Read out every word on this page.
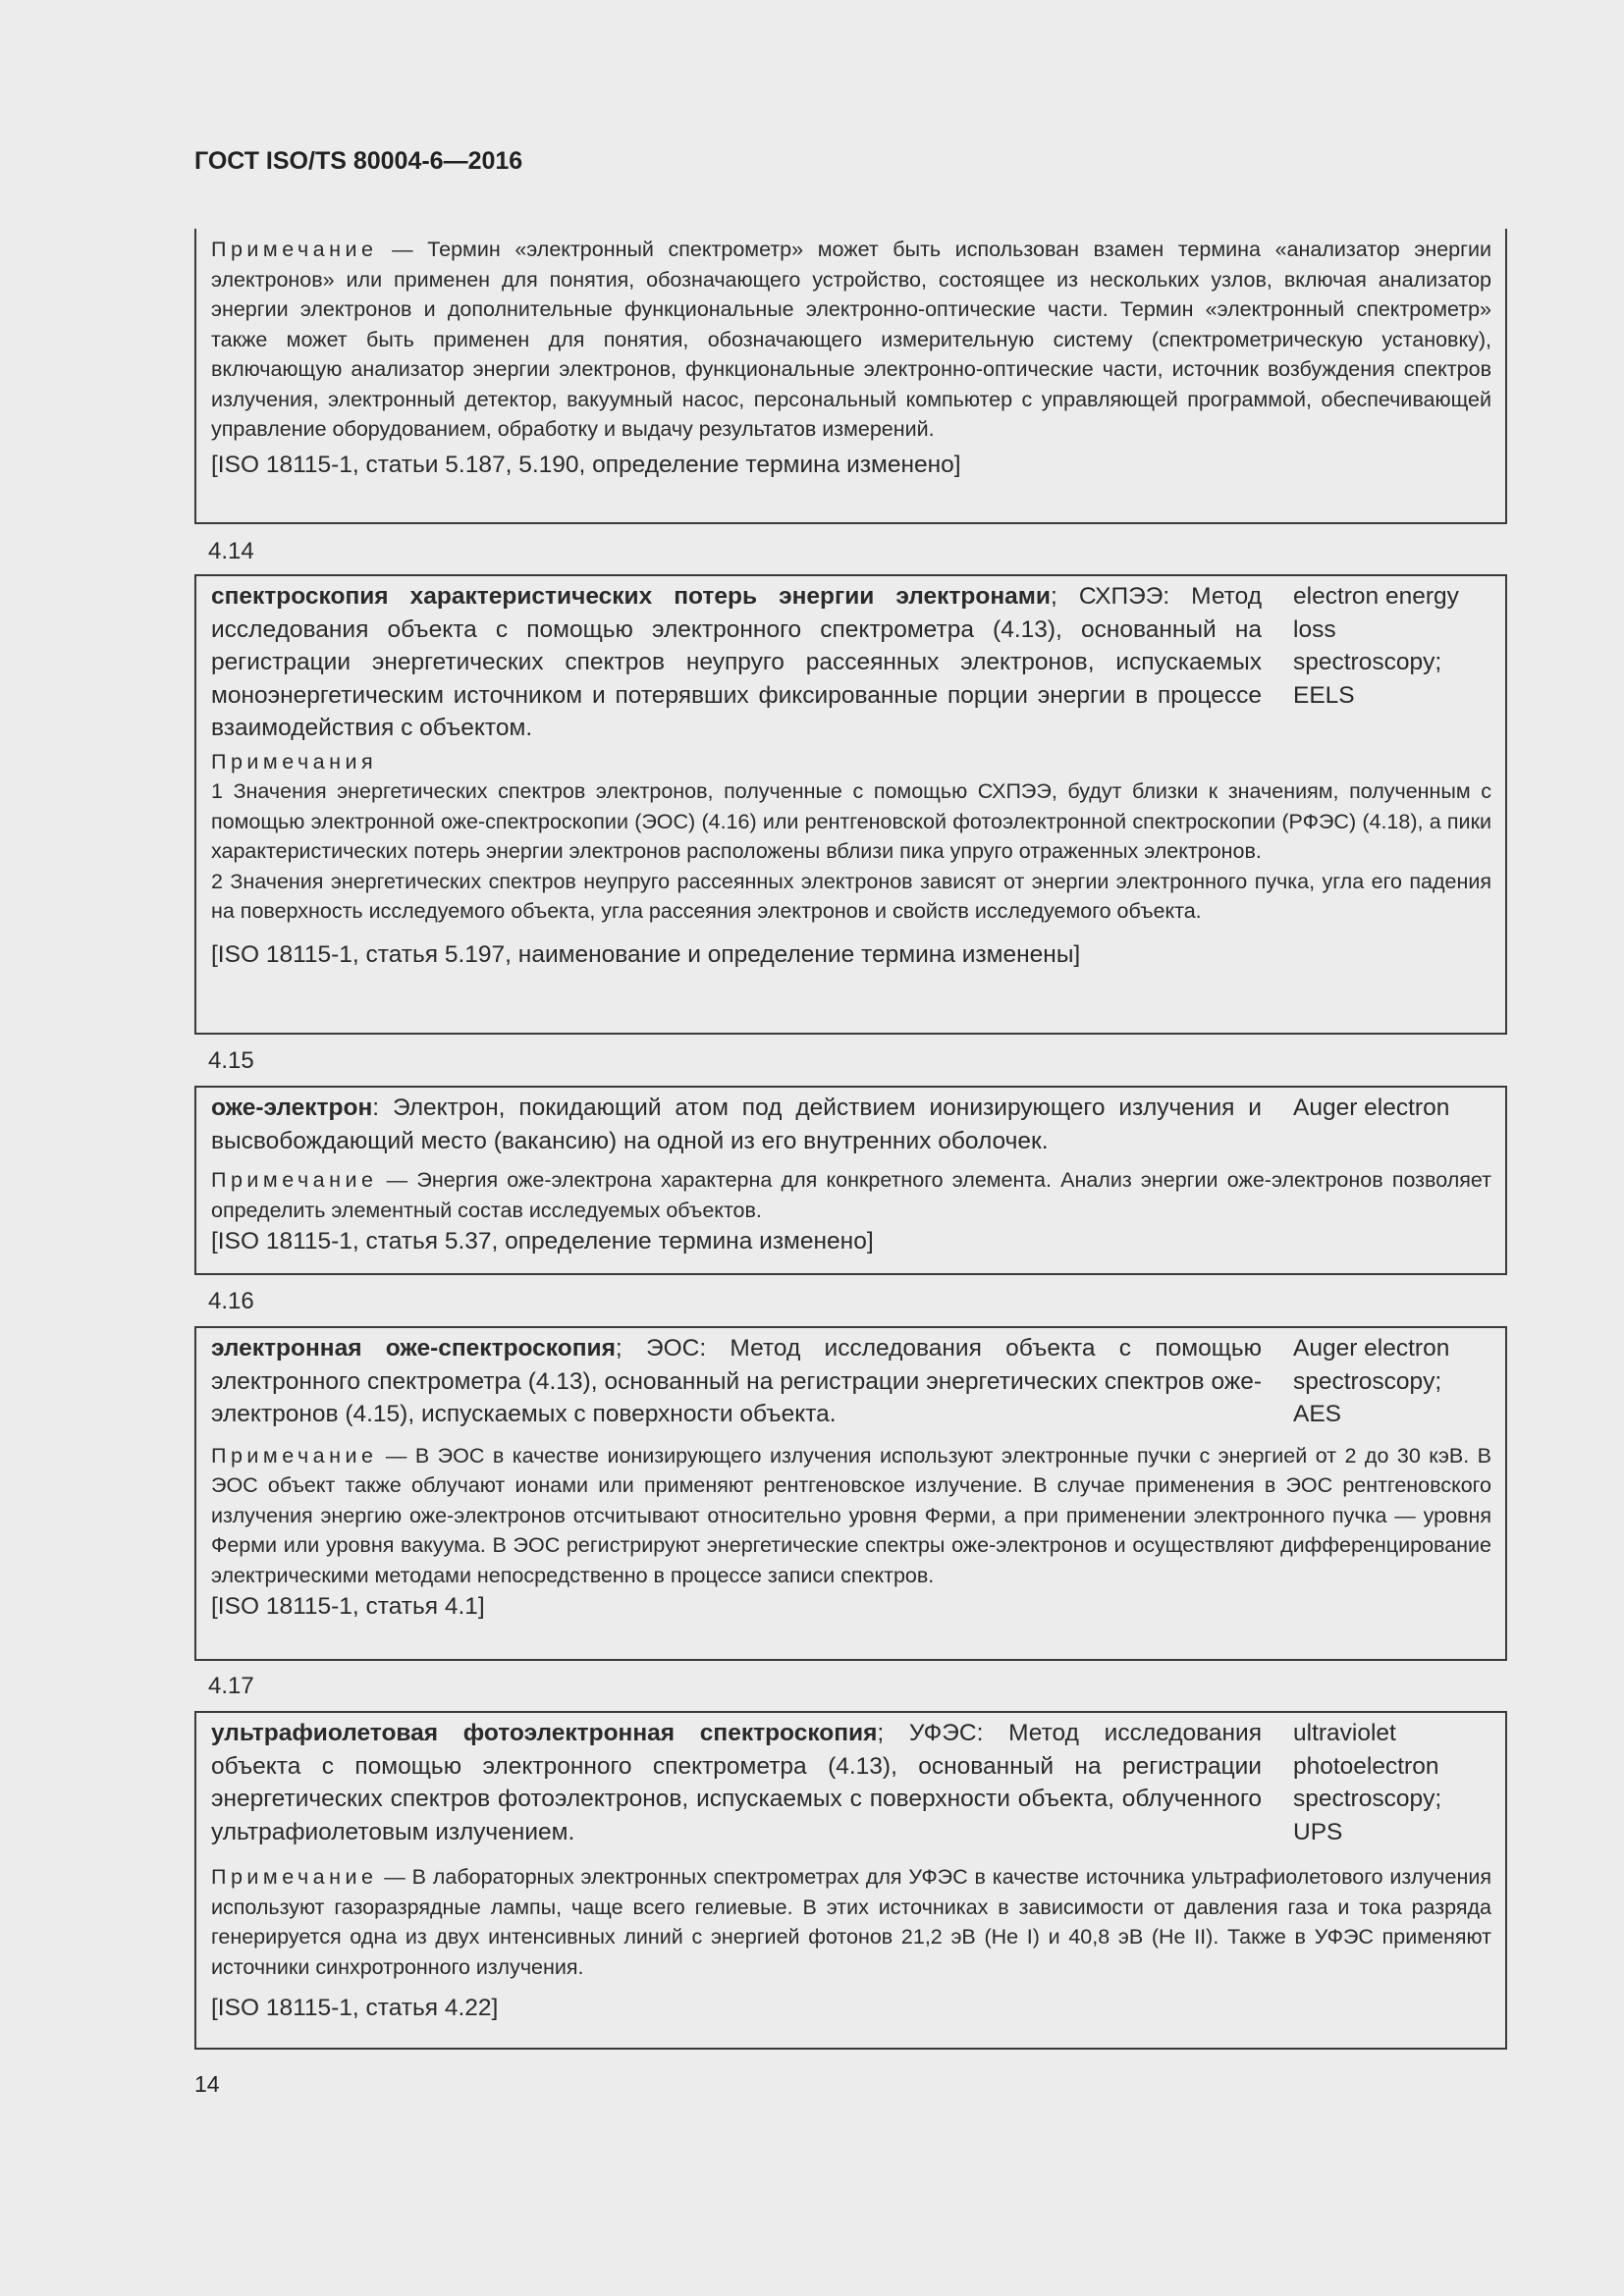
ГОСТ ISO/TS 80004-6—2016
Примечание — Термин «электронный спектрометр» может быть использован взамен термина «анализатор энергии электронов» или применен для понятия, обозначающего устройство, состоящее из нескольких узлов, включая анализатор энергии электронов и дополнительные функциональные электронно-оптические части. Термин «электронный спектрометр» также может быть применен для понятия, обозначающего измерительную систему (спектрометрическую установку), включающую анализатор энергии электронов, функциональные электронно-оптические части, источник возбуждения спектров излучения, электронный детектор, вакуумный насос, персональный компьютер с управляющей программой, обеспечивающей управление оборудованием, обработку и выдачу результатов измерений.
[ISO 18115-1, статьи 5.187, 5.190, определение термина изменено]
4.14
спектроскопия характеристических потерь энергии электронами; СХПЭЭ: Метод исследования объекта с помощью электронного спектрометра (4.13), основанный на регистрации энергетических спектров неупруго рассеянных электронов, испускаемых моноэнергетическим источником и потерявших фиксированные порции энергии в процессе взаимодействия с объектом.
electron energy
loss
spectroscopy;
EELS
Примечания
1 Значения энергетических спектров электронов, полученные с помощью СХПЭЭ, будут близки к значениям, полученным с помощью электронной оже-спектроскопии (ЭОС) (4.16) или рентгеновской фотоэлектронной спектроскопии (РФЭС) (4.18), а пики характеристических потерь энергии электронов расположены вблизи пика упруго отраженных электронов.
2 Значения энергетических спектров неупруго рассеянных электронов зависят от энергии электронного пучка, угла его падения на поверхность исследуемого объекта, угла рассеяния электронов и свойств исследуемого объекта.
[ISO 18115-1, статья 5.197, наименование и определение термина изменены]
4.15
оже-электрон: Электрон, покидающий атом под действием ионизирующего излучения и высвобождающий место (вакансию) на одной из его внутренних оболочек.
Auger electron
Примечание — Энергия оже-электрона характерна для конкретного элемента. Анализ энергии оже-электронов позволяет определить элементный состав исследуемых объектов.
[ISO 18115-1, статья 5.37, определение термина изменено]
4.16
электронная оже-спектроскопия; ЭОС: Метод исследования объекта с помощью электронного спектрометра (4.13), основанный на регистрации энергетических спектров оже-электронов (4.15), испускаемых с поверхности объекта.
Auger electron
spectroscopy;
AES
Примечание — В ЭОС в качестве ионизирующего излучения используют электронные пучки с энергией от 2 до 30 кэВ. В ЭОС объект также облучают ионами или применяют рентгеновское излучение. В случае применения в ЭОС рентгеновского излучения энергию оже-электронов отсчитывают относительно уровня Ферми, а при применении электронного пучка — уровня Ферми или уровня вакуума. В ЭОС регистрируют энергетические спектры оже-электронов и осуществляют дифференцирование электрическими методами непосредственно в процессе записи спектров.
[ISO 18115-1, статья 4.1]
4.17
ультрафиолетовая фотоэлектронная спектроскопия; УФЭС: Метод исследования объекта с помощью электронного спектрометра (4.13), основанный на регистрации энергетических спектров фотоэлектронов, испускаемых с поверхности объекта, облученного ультрафиолетовым излучением.
ultraviolet
photoelectron
spectroscopy;
UPS
Примечание — В лабораторных электронных спектрометрах для УФЭС в качестве источника ультрафиолетового излучения используют газоразрядные лампы, чаще всего гелиевые. В этих источниках в зависимости от давления газа и тока разряда генерируется одна из двух интенсивных линий с энергией фотонов 21,2 эВ (He I) и 40,8 эВ (He II). Также в УФЭС применяют источники синхротронного излучения.
[ISO 18115-1, статья 4.22]
14
